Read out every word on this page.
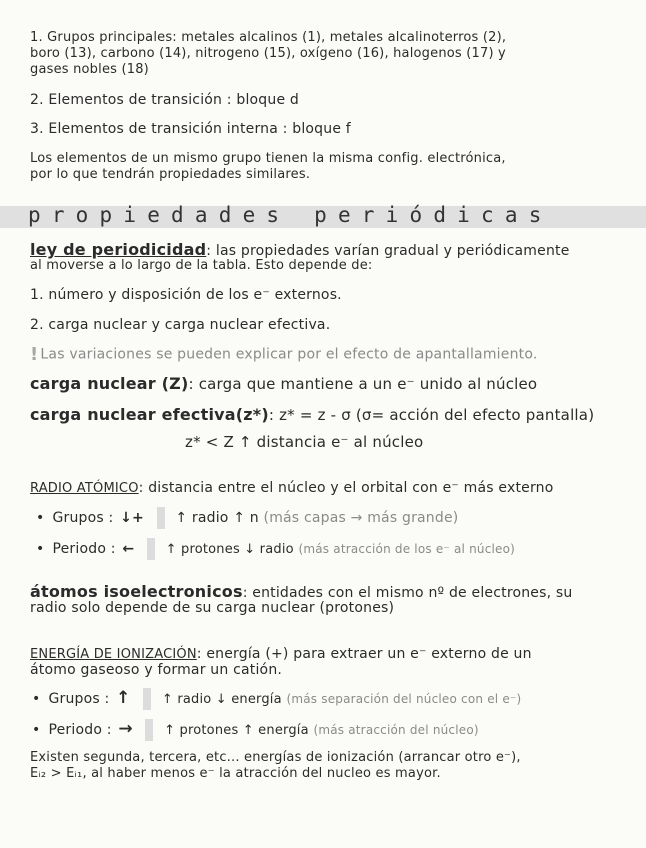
1. Grupos principales: metales alcalinos (1), metales alcalinoterros (2),
boro (13), carbono (14), nitrogeno (15), oxígeno (16), halogenos (17) y
gases nobles (18)
2. Elementos de transición : bloque d
3. Elementos de transición interna : bloque f
Los elementos de un mismo grupo tienen la misma config. electrónica,
por lo que tendrán propiedades similares.
propiedades periódicas
ley de periodicidad: las propiedades varían gradual y periódicamente
al moverse a lo largo de la tabla. Esto depende de:
1. número y disposición de los e⁻ externos.
2. carga nuclear y carga nuclear efectiva.
! Las variaciones se pueden explicar por el efecto de apantallamiento.
carga nuclear (Z): carga que mantiene a un e⁻ unido al núcleo
carga nuclear efectiva(z*): z* = z - σ (σ= acción del efecto pantalla)
z* < Z ↑ distancia e⁻ al núcleo
RADIO ATÓMICO: distancia entre el núcleo y el orbital con e⁻ más externo
• Grupos : ↓+ ↑ radio ↑ n (más capas → más grande)
• Periodo : ← ↑ protones ↓ radio (más atracción de los e⁻ al núcleo)
átomos isoelectronicos: entidades con el mismo nº de electrones, su
radio solo depende de su carga nuclear (protones)
ENERGÍA DE IONIZACIÓN: energía (+) para extraer un e⁻ externo de un
átomo gaseoso y formar un catión.
• Grupos : ↑ ↑ radio ↓ energía (más separación del núcleo con el e⁻)
• Periodo : → ↑ protones ↑ energía (más atracción del núcleo)
Existen segunda, tercera, etc... energías de ionización (arrancar otro e⁻),
Eᵢ₂ > Eᵢ₁, al haber menos e⁻ la atracción del nucleo es mayor.
